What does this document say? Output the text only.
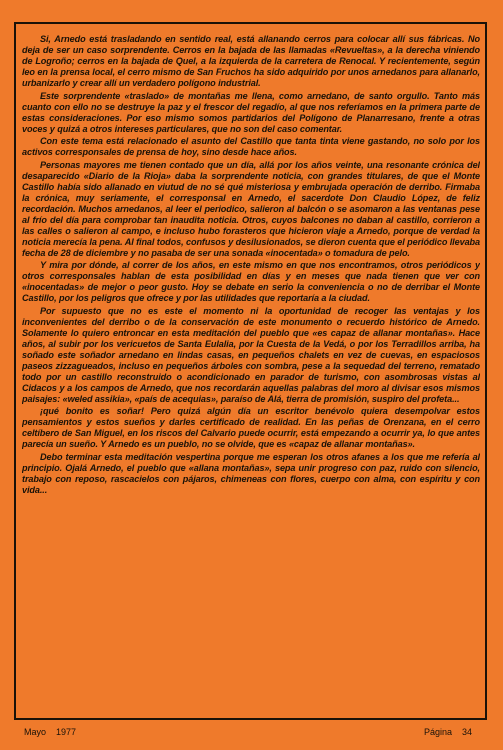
Si, Arnedo está trasladando en sentido real, está allanando cerros para colocar allí sus fábricas. No deja de ser un caso sorprendente. Cerros en la bajada de las llamadas «Revueltas», a la derecha viniendo de Logroño; cerros en la bajada de Quel, a la izquierda de la carretera de Renocal. Y recientemente, según leo en la prensa local, el cerro mismo de San Fruchos ha sido adquirido por unos arnedanos para allanarlo, urbanizarlo y crear allí un verdadero polígono industrial.

Este sorprendente «traslado» de montañas me llena, como arnedano, de santo orgullo. Tanto más cuanto con ello no se destruye la paz y el frescor del regadío, al que nos referíamos en la primera parte de estas consideraciones. Por eso mismo somos partidarios del Polígono de Planarresano, frente a otras voces y quizá a otros intereses particulares, que no son del caso comentar.

Con este tema está relacionado el asunto del Castillo que tanta tinta viene gastando, no solo por los activos corresponsales de prensa de hoy, sino desde hace años.

Personas mayores me tienen contado que un día, allá por los años veinte, una resonante crónica del desaparecido «Diario de la Rioja» daba la sorprendente noticia, con grandes titulares, de que el Monte Castillo había sido allanado en viutud de no sé qué misteriosa y embrujada operación de derribo. Firmaba la crónica, muy seriamente, el corresponsal en Arnedo, el sacerdote Don Claudio López, de feliz recordación. Muchos arnedanos, al leer el periodico, salieron al balcón o se asomaron a las ventanas pese al frío del día para comprobar tan inaudita noticia. Otros, cuyos balcones no daban al castillo, corrieron a las calles o salieron al campo, e incluso hubo forasteros que hicieron viaje a Arnedo, porque de verdad la noticia merecía la pena. Al final todos, confusos y desilusionados, se dieron cuenta que el periódico llevaba fecha de 28 de diciembre y no pasaba de ser una sonada «inocentada» o tomadura de pelo.

Y mira por dónde, al correr de los años, en este mismo en que nos encontramos, otros periódicos y otros corresponsales hablan de esta posibilidad en días y en meses que nada tienen que ver con «inocentadas» de mejor o peor gusto. Hoy se debate en serio la conveniencia o no de derribar el Monte Castillo, por los peligros que ofrece y por las utilidades que reportaría a la ciudad.

Por supuesto que no es este el momento ni la oportunidad de recoger las ventajas y los inconvenientes del derribo o de la conservación de este monumento o recuerdo histórico de Arnedo. Solamente lo quiero entroncar en esta meditación del pueblo que «es capaz de allanar montañas». Hace años, al subir por los vericuetos de Santa Eulalia, por la Cuesta de la Vedá, o por los Terradillos arriba, ha soñado este soñador arnedano en lindas casas, en pequeños chalets en vez de cuevas, en espaciosos paseos zizzagueados, incluso en pequeños árboles con sombra, pese a la sequedad del terreno, rematado todo por un castillo reconstruido o acondicionado en parador de turismo, con asombrosas vistas al Cidacos y a los campos de Arnedo, que nos recordarán aquellas palabras del moro al divisar esos mismos paisajes: «weled assikia», «país de acequias», paraíso de Alá, tierra de promisión, suspiro del profeta...

¡qué bonito es soñar! Pero quizá algún día un escritor benévolo quiera desempolvar estos pensamientos y estos sueños y darles certificado de realidad. En las peñas de Orenzana, en el cerro celtíbero de San Miguel, en los riscos del Calvario puede ocurrir, está empezando a ocurrir ya, lo que antes parecía un sueño. Y Arnedo es un pueblo, no se olvide, que es «capaz de allanar montañas».

Debo terminar esta meditación vespertina porque me esperan los otros afanes a los que me refería al principio. Ojalá Arnedo, el pueblo que «allana montañas», sepa unir progreso con paz, ruido con silencio, trabajo con reposo, rascacielos con pájaros, chimeneas con flores, cuerpo con alma, con espíritu y con vida...

Mayo 1977	Página 34
